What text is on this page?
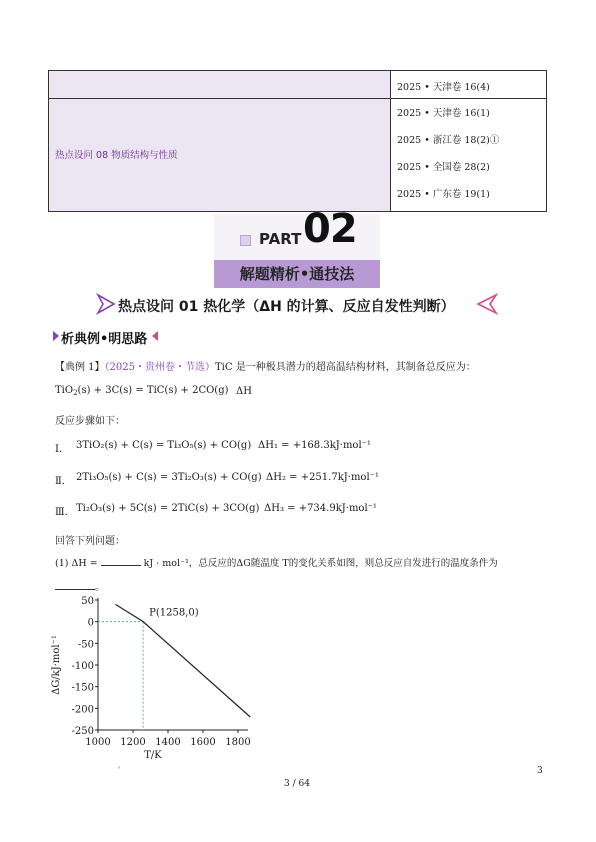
2025 • 天津卷 16(4)
热点设问 08 物质结构与性质
2025 • 天津卷 16(1)
2025 • 浙江卷 18(2)①
2025 • 全国卷 28(2)
2025 • 广东卷 19(1)
PART 02
解题精析•通技法
热点设问 01 热化学（ΔH 的计算、反应自发性判断）
析典例•明思路
【典例 1】（2025・贵州卷・节选）TiC 是一种极具潜力的超高温结构材料，其制备总反应为：
TiO$_2$(s) + 3C(s) = TiC(s) + 2CO(g) ΔH
反应步骤如下：
Ⅰ． 3TiO₂(s) + C(s) = Ti₃O₅(s) + CO(g) ΔH₁ = +168.3kJ·mol⁻¹
Ⅱ． 2Ti₃O₅(s) + C(s) = 3Ti₂O₃(s) + CO(g) ΔH₂ = +251.7kJ·mol⁻¹
Ⅲ． Ti₂O₃(s) + 5C(s) = 2TiC(s) + 3CO(g) ΔH₃ = +734.9kJ·mol⁻¹
回答下列问题：
(1) ΔH =	kJ · mol⁻¹，总反应的ΔG随温度 T的变化关系如图，则总反应自发进行的温度条件为
。
1000 1200 1400 1600 1800
50
0
-50
-100
-150
-200
-250
P(1258,0)
T/K
ΔG/kJ·mol⁻¹
'	3
3 / 64
